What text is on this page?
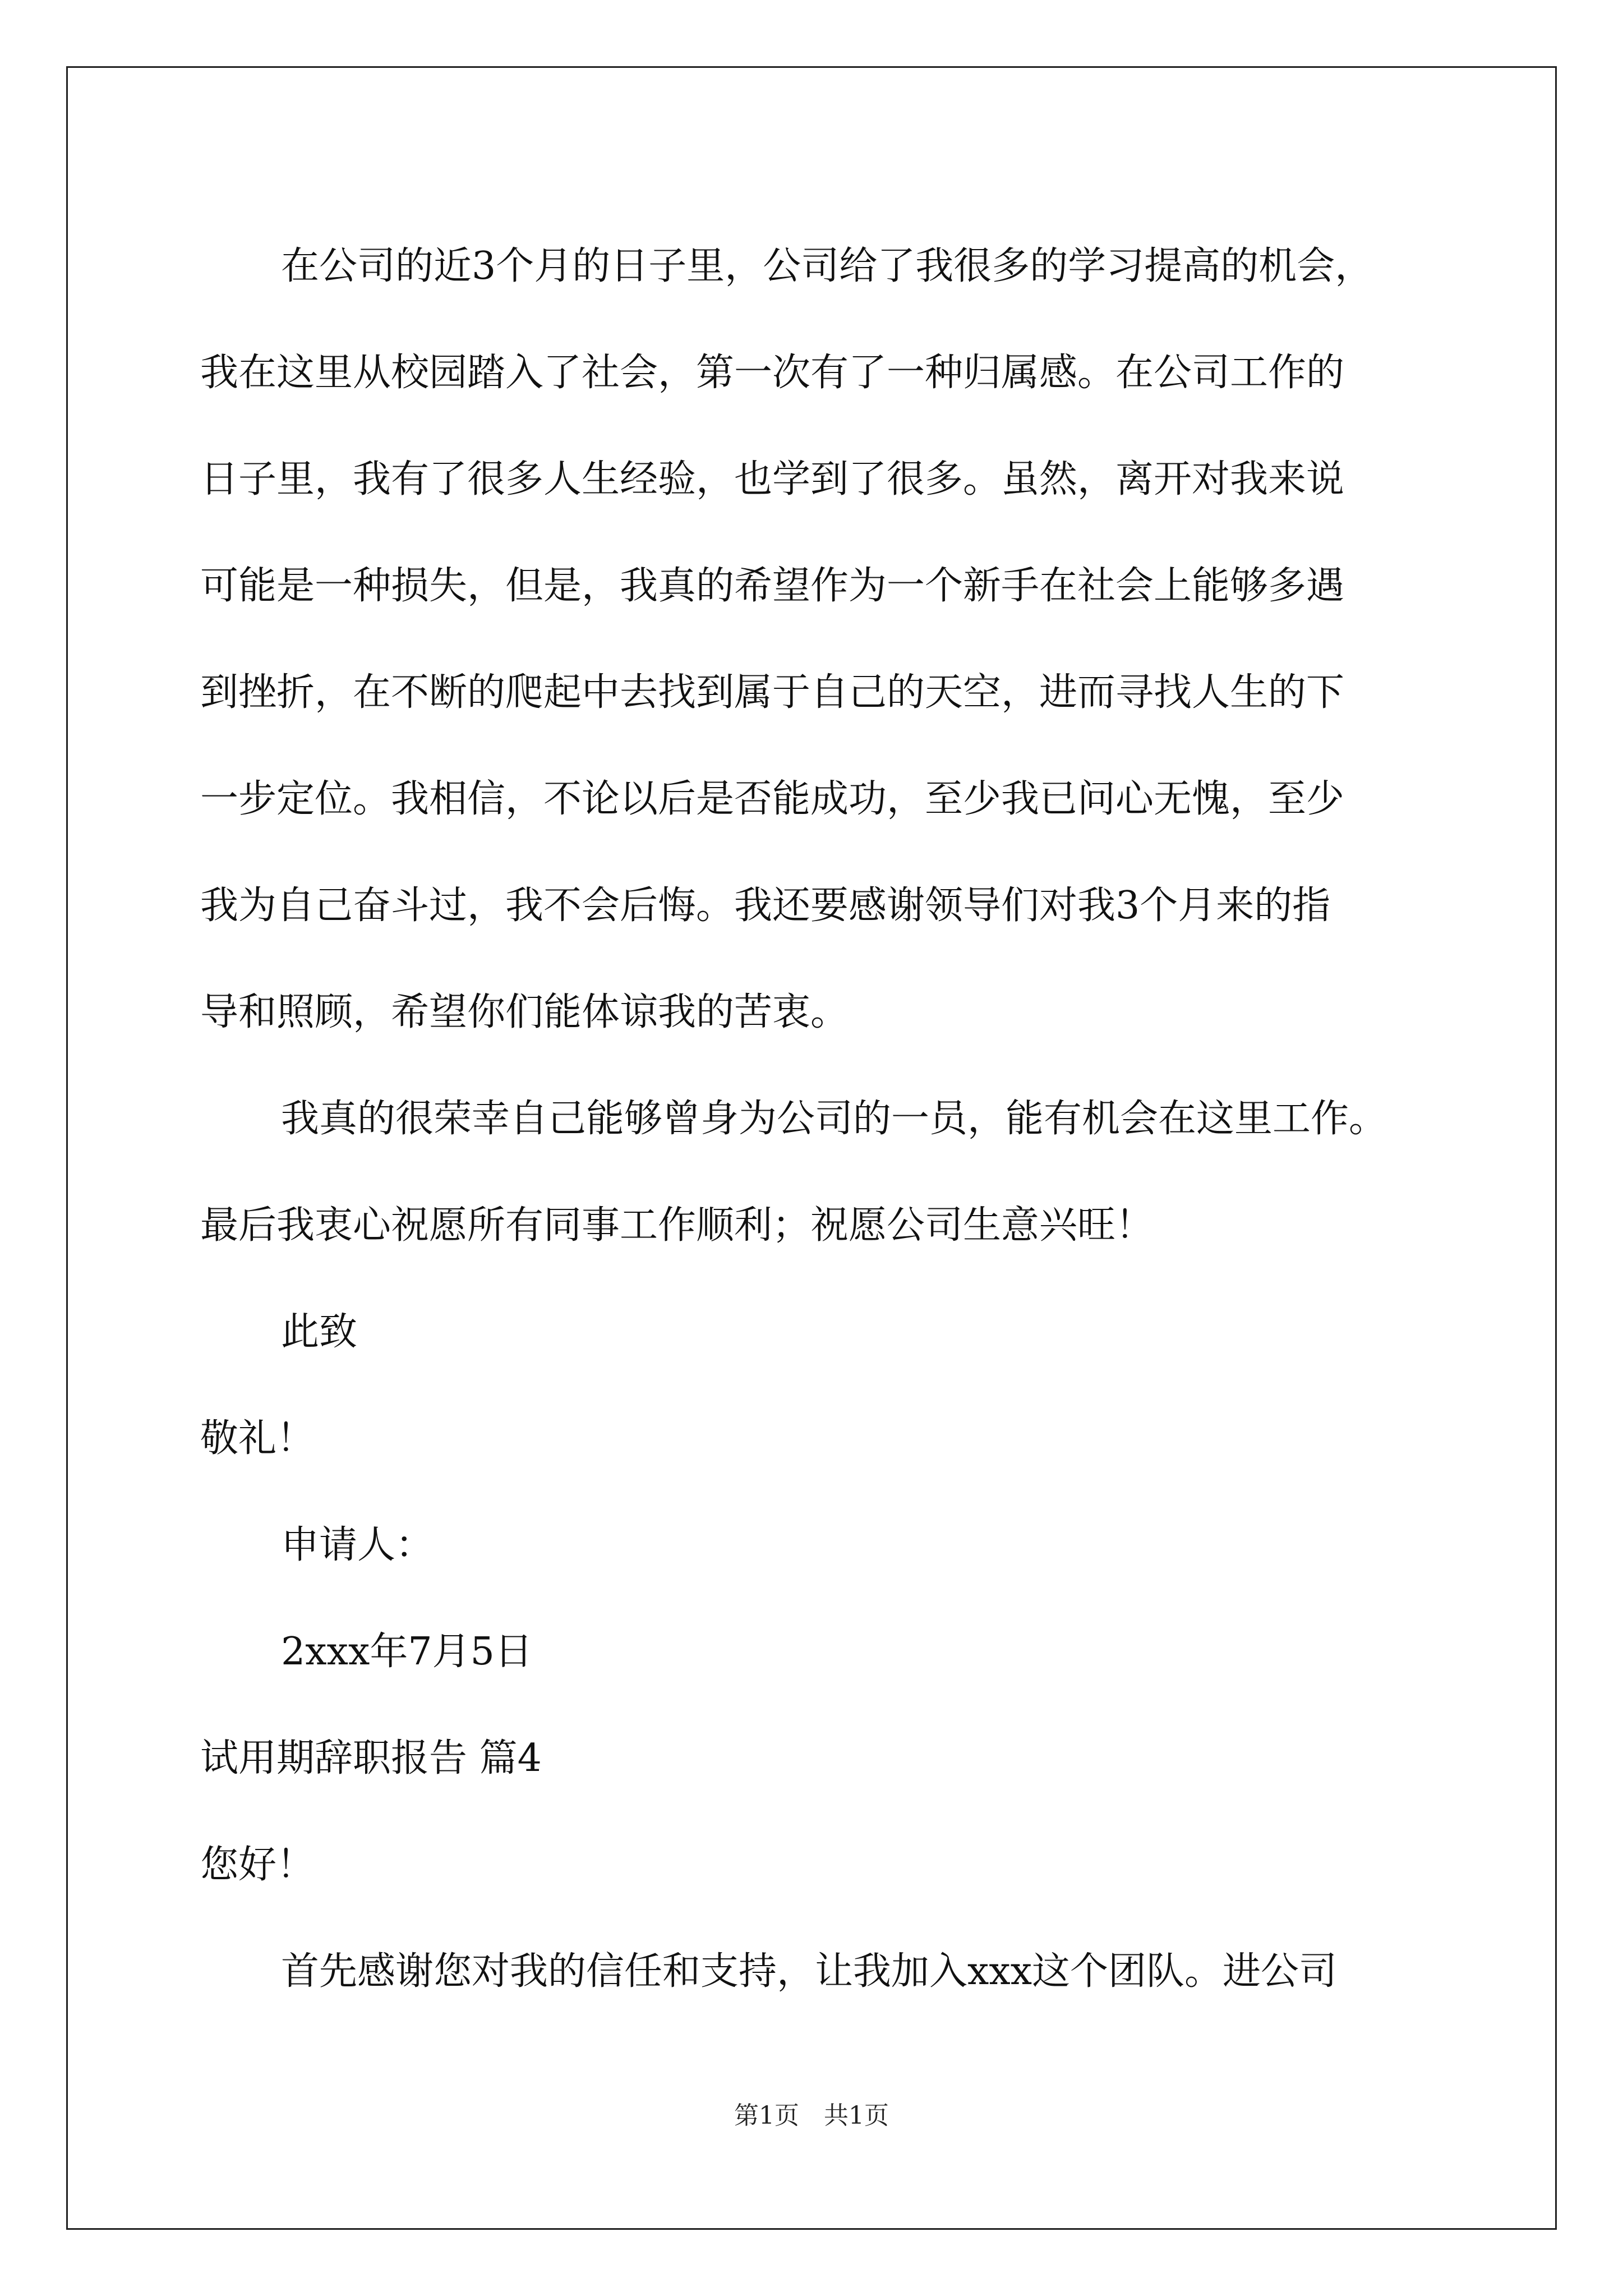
在公司的近3个月的日子里，公司给了我很多的学习提高的机会，

我在这里从校园踏入了社会，第一次有了一种归属感。在公司工作的

日子里，我有了很多人生经验，也学到了很多。虽然，离开对我来说

可能是一种损失，但是，我真的希望作为一个新手在社会上能够多遇

到挫折，在不断的爬起中去找到属于自己的天空，进而寻找人生的下

一步定位。我相信，不论以后是否能成功，至少我已问心无愧，至少

我为自己奋斗过，我不会后悔。我还要感谢领导们对我3个月来的指

导和照顾，希望你们能体谅我的苦衷。

我真的很荣幸自己能够曾身为公司的一员，能有机会在这里工作。

最后我衷心祝愿所有同事工作顺利；祝愿公司生意兴旺！

此致

敬礼！

申请人：

2xxx年7月5日

试用期辞职报告 篇4

您好！

首先感谢您对我的信任和支持，让我加入xxx这个团队。进公司

第1页　共1页
